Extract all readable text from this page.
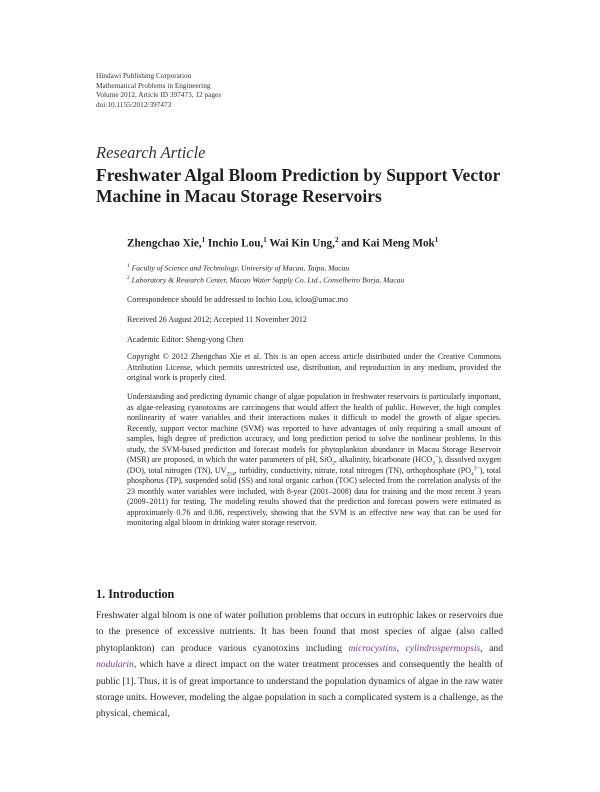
Hindawi Publishing Corporation
Mathematical Problems in Engineering
Volume 2012, Article ID 397473, 12 pages
doi:10.1155/2012/397473
Research Article
Freshwater Algal Bloom Prediction by Support Vector Machine in Macau Storage Reservoirs
Zhengchao Xie,$^1$ Inchio Lou,$^1$ Wai Kin Ung,$^2$ and Kai Meng Mok$^1$
$^1$ Faculty of Science and Technology, University of Macau, Taipa, Macau
$^2$ Laboratory & Research Center, Macao Water Supply Co. Ltd., Conselheiro Borja, Macau
Correspondence should be addressed to Inchio Lou, iclou@umac.mo
Received 26 August 2012; Accepted 11 November 2012
Academic Editor: Sheng-yong Chen
Copyright © 2012 Zhengchao Xie et al. This is an open access article distributed under the Creative Commons Attribution License, which permits unrestricted use, distribution, and reproduction in any medium, provided the original work is properly cited.
Understanding and predicting dynamic change of algae population in freshwater reservoirs is particularly important, as algae-releasing cyanotoxins are carcinogens that would affect the health of public. However, the high complex nonlinearity of water variables and their interactions makes it difficult to model the growth of algae species. Recently, support vector machine (SVM) was reported to have advantages of only requiring a small amount of samples, high degree of prediction accuracy, and long prediction period to solve the nonlinear problems. In this study, the SVM-based prediction and forecast models for phytoplankton abundance in Macau Storage Reservoir (MSR) are proposed, in which the water parameters of pH, SiO$_2$, alkalinity, bicarbonate $(HCO_3^-)$, dissolved oxygen (DO), total nitrogen (TN), $UV_{254}$, turbidity, conductivity, nitrate, total nitrogen (TN), orthophosphate $(PO_4^{3-})$, total phosphorus (TP), suspended solid (SS) and total organic carbon (TOC) selected from the correlation analysis of the 23 monthly water variables were included, with 8-year (2001–2008) data for training and the most recent 3 years (2009–2011) for testing. The modeling results showed that the prediction and forecast powers were estimated as approximately 0.76 and 0.86, respectively, showing that the SVM is an effective new way that can be used for monitoring algal bloom in drinking water storage reservoir.
1. Introduction
Freshwater algal bloom is one of water pollution problems that occurs in eutrophic lakes or reservoirs due to the presence of excessive nutrients. It has been found that most species of algae (also called phytoplankton) can produce various cyanotoxins including microcystins, cylindrospermopsis, and nodularin, which have a direct impact on the water treatment processes and consequently the health of public [1]. Thus, it is of great importance to understand the population dynamics of algae in the raw water storage units. However, modeling the algae population in such a complicated system is a challenge, as the physical, chemical,
